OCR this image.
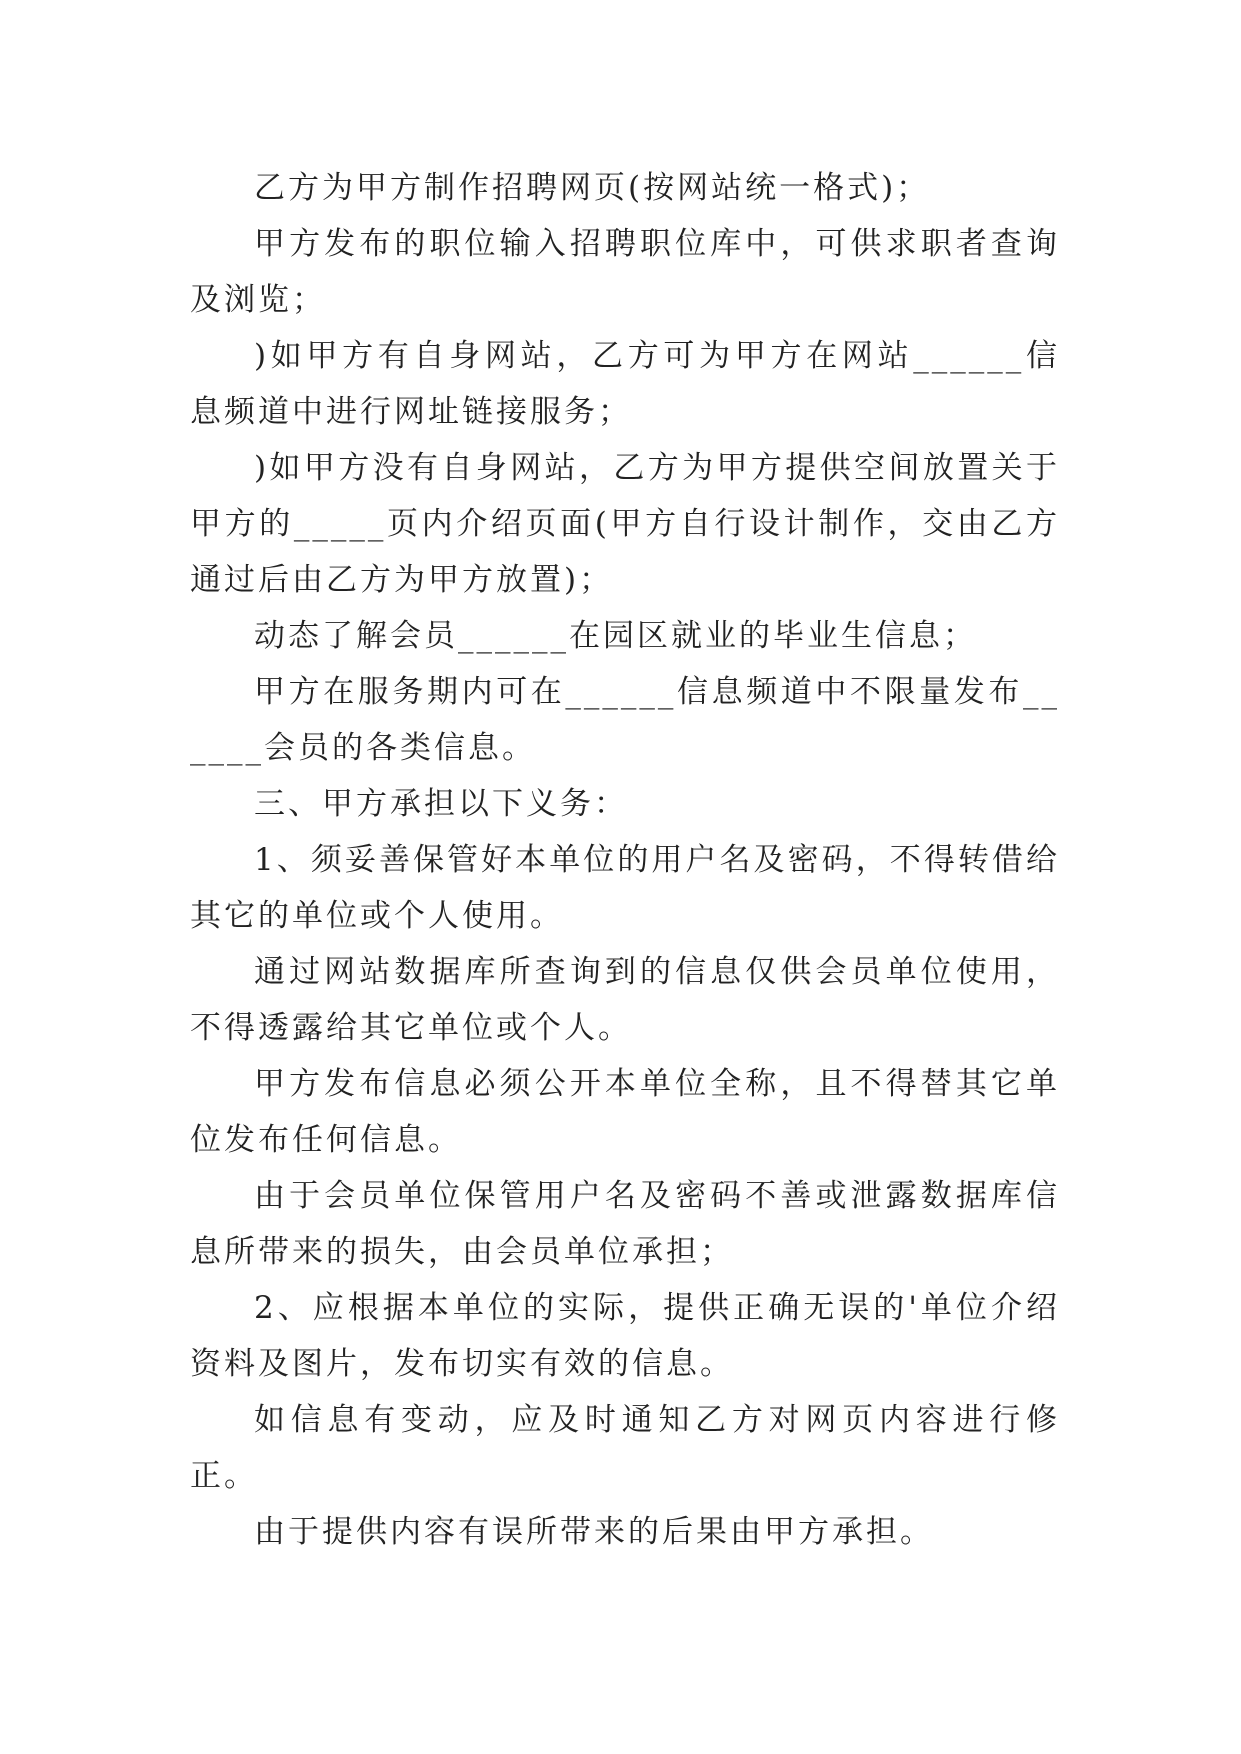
乙方为甲方制作招聘网页(按网站统一格式)；

甲方发布的职位输入招聘职位库中，可供求职者查询及浏览；

)如甲方有自身网站，乙方可为甲方在网站______信息频道中进行网址链接服务；

)如甲方没有自身网站，乙方为甲方提供空间放置关于甲方的_____页内介绍页面(甲方自行设计制作，交由乙方通过后由乙方为甲方放置)；

动态了解会员______在园区就业的毕业生信息；

甲方在服务期内可在______信息频道中不限量发布______会员的各类信息。

三、甲方承担以下义务：

1、须妥善保管好本单位的用户名及密码，不得转借给其它的单位或个人使用。

通过网站数据库所查询到的信息仅供会员单位使用，不得透露给其它单位或个人。

甲方发布信息必须公开本单位全称，且不得替其它单位发布任何信息。

由于会员单位保管用户名及密码不善或泄露数据库信息所带来的损失，由会员单位承担；

2、应根据本单位的实际，提供正确无误的'单位介绍资料及图片，发布切实有效的信息。

如信息有变动，应及时通知乙方对网页内容进行修正。

由于提供内容有误所带来的后果由甲方承担。
